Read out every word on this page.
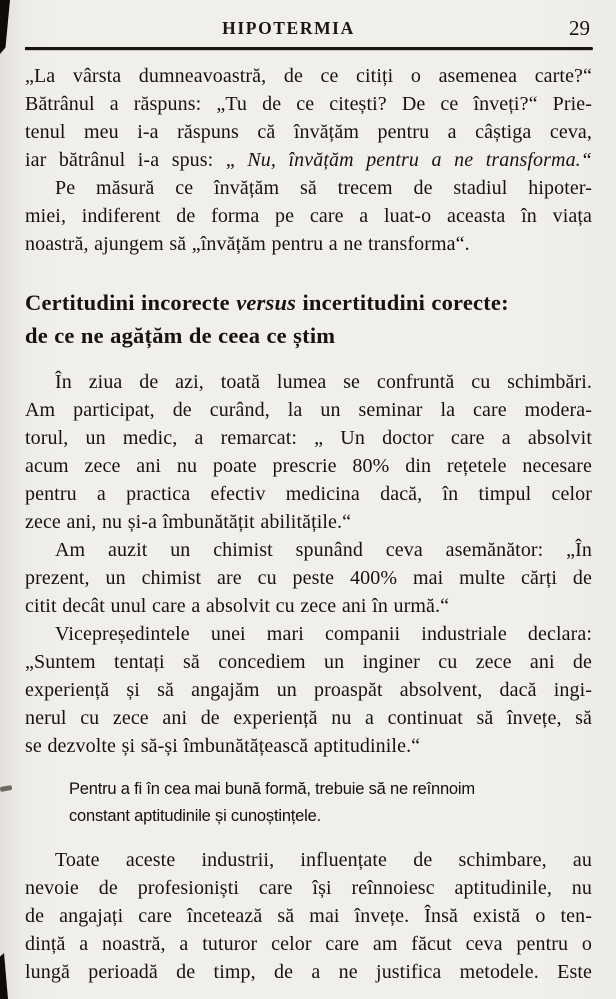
HIPOTERMIA	29
„La vârsta dumneavoastră, de ce citiți o asemenea carte?“
Bătrânul a răspuns: „Tu de ce citești? De ce înveți?“ Prie-
tenul meu i-a răspuns că învățăm pentru a câștiga ceva,
iar bătrânul i-a spus: „ Nu, învățăm pentru a ne transforma.“
Pe măsură ce învățăm să trecem de stadiul hipoter-
miei, indiferent de forma pe care a luat-o aceasta în viața
noastră, ajungem să „învățăm pentru a ne transforma“.
Certitudini incorecte versus incertitudini corecte:
de ce ne agățăm de ceea ce știm
În ziua de azi, toată lumea se confruntă cu schimbări.
Am participat, de curând, la un seminar la care modera-
torul, un medic, a remarcat: „ Un doctor care a absolvit
acum zece ani nu poate prescrie 80% din rețetele necesare
pentru a practica efectiv medicina dacă, în timpul celor
zece ani, nu și-a îmbunătățit abilitățile.“
Am auzit un chimist spunând ceva asemănător: „În
prezent, un chimist are cu peste 400% mai multe cărți de
citit decât unul care a absolvit cu zece ani în urmă.“
Vicepreședintele unei mari companii industriale declara:
„Suntem tentați să concediem un inginer cu zece ani de
experiență și să angajăm un proaspăt absolvent, dacă ingi-
nerul cu zece ani de experiență nu a continuat să învețe, să
se dezvolte și să-și îmbunătățească aptitudinile.“
Pentru a fi în cea mai bună formă, trebuie să ne reînnoim
constant aptitudinile și cunoștințele.
Toate aceste industrii, influențate de schimbare, au
nevoie de profesioniști care își reînnoiesc aptitudinile, nu
de angajați care încetează să mai învețe. Însă există o ten-
dință a noastră, a tuturor celor care am făcut ceva pentru o
lungă perioadă de timp, de a ne justifica metodele. Este
